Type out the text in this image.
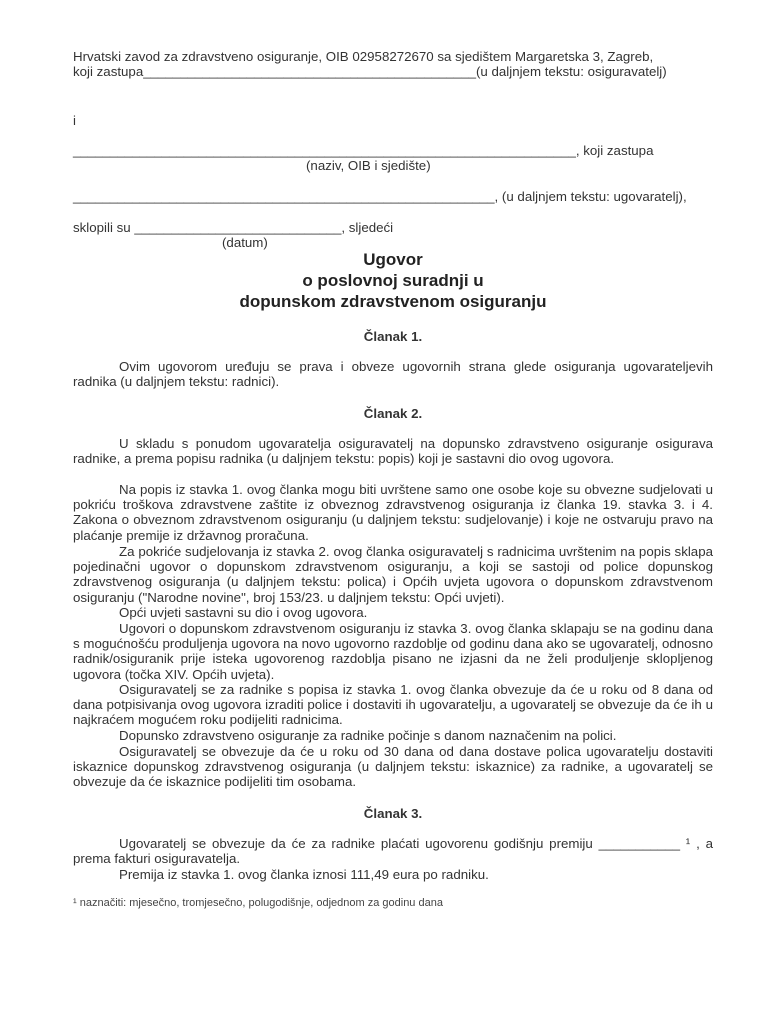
Hrvatski zavod za zdravstveno osiguranje, OIB 02958272670 sa sjedištem Margaretska 3, Zagreb,
koji zastupa_____________________________________________(u daljnjem tekstu: osiguravatelj)

i

____________________________________________________________________, koji zastupa

(naziv, OIB i sjedište)

_________________________________________________________, (u daljnjem tekstu: ugovaratelj),

sklopili su ____________________________, sljedeći

(datum)

Ugovor
o poslovnoj suradnji u
dopunskom zdravstvenom osiguranju

Članak 1.

Ovim ugovorom uređuju se prava i obveze ugovornih strana glede osiguranja ugovarateljevih radnika (u daljnjem tekstu: radnici).

Članak 2.

U skladu s ponudom ugovaratelja osiguravatelj na dopunsko zdravstveno osiguranje osigurava radnike, a prema popisu radnika (u daljnjem tekstu: popis) koji je sastavni dio ovog ugovora.

Na popis iz stavka 1. ovog članka mogu biti uvrštene samo one osobe koje su obvezne sudjelovati u pokriću troškova zdravstvene zaštite iz obveznog zdravstvenog osiguranja iz članka 19. stavka 3. i 4. Zakona o obveznom zdravstvenom osiguranju (u daljnjem tekstu: sudjelovanje) i koje ne ostvaruju pravo na plaćanje premije iz državnog proračuna.

Za pokriće sudjelovanja iz stavka 2. ovog članka osiguravatelj s radnicima uvrštenim na popis sklapa pojedinačni ugovor o dopunskom zdravstvenom osiguranju, a koji se sastoji od police dopunskog zdravstvenog osiguranja (u daljnjem tekstu: polica) i Općih uvjeta ugovora o dopunskom zdravstvenom osiguranju ("Narodne novine", broj 153/23. u daljnjem tekstu: Opći uvjeti).

Opći uvjeti sastavni su dio i ovog ugovora.

Ugovori o dopunskom zdravstvenom osiguranju iz stavka 3. ovog članka sklapaju se na godinu dana s mogućnošću produljenja ugovora na novo ugovorno razdoblje od godinu dana ako se ugovaratelj, odnosno radnik/osiguranik prije isteka ugovorenog razdoblja pisano ne izjasni da ne želi produljenje sklopljenog ugovora (točka XIV. Općih uvjeta).

Osiguravatelj se za radnike s popisa iz stavka 1. ovog članka obvezuje da će u roku od 8 dana od dana potpisivanja ovog ugovora izraditi police i dostaviti ih ugovaratelju, a ugovaratelj se obvezuje da će ih u najkraćem mogućem roku podijeliti radnicima.

Dopunsko zdravstveno osiguranje za radnike počinje s danom naznačenim na polici.

Osiguravatelj se obvezuje da će u roku od 30 dana od dana dostave polica ugovaratelju dostaviti iskaznice dopunskog zdravstvenog osiguranja (u daljnjem tekstu: iskaznice) za radnike, a ugovaratelj se obvezuje da će iskaznice podijeliti tim osobama.

Članak 3.

Ugovaratelj se obvezuje da će za radnike plaćati ugovorenu godišnju premiju ___________ ¹ , a prema fakturi osiguravatelja.

Premija iz stavka 1. ovog članka iznosi 111,49 eura po radniku.

¹ naznačiti: mjesečno, tromjesečno, polugodišnje, odjednom za godinu dana
